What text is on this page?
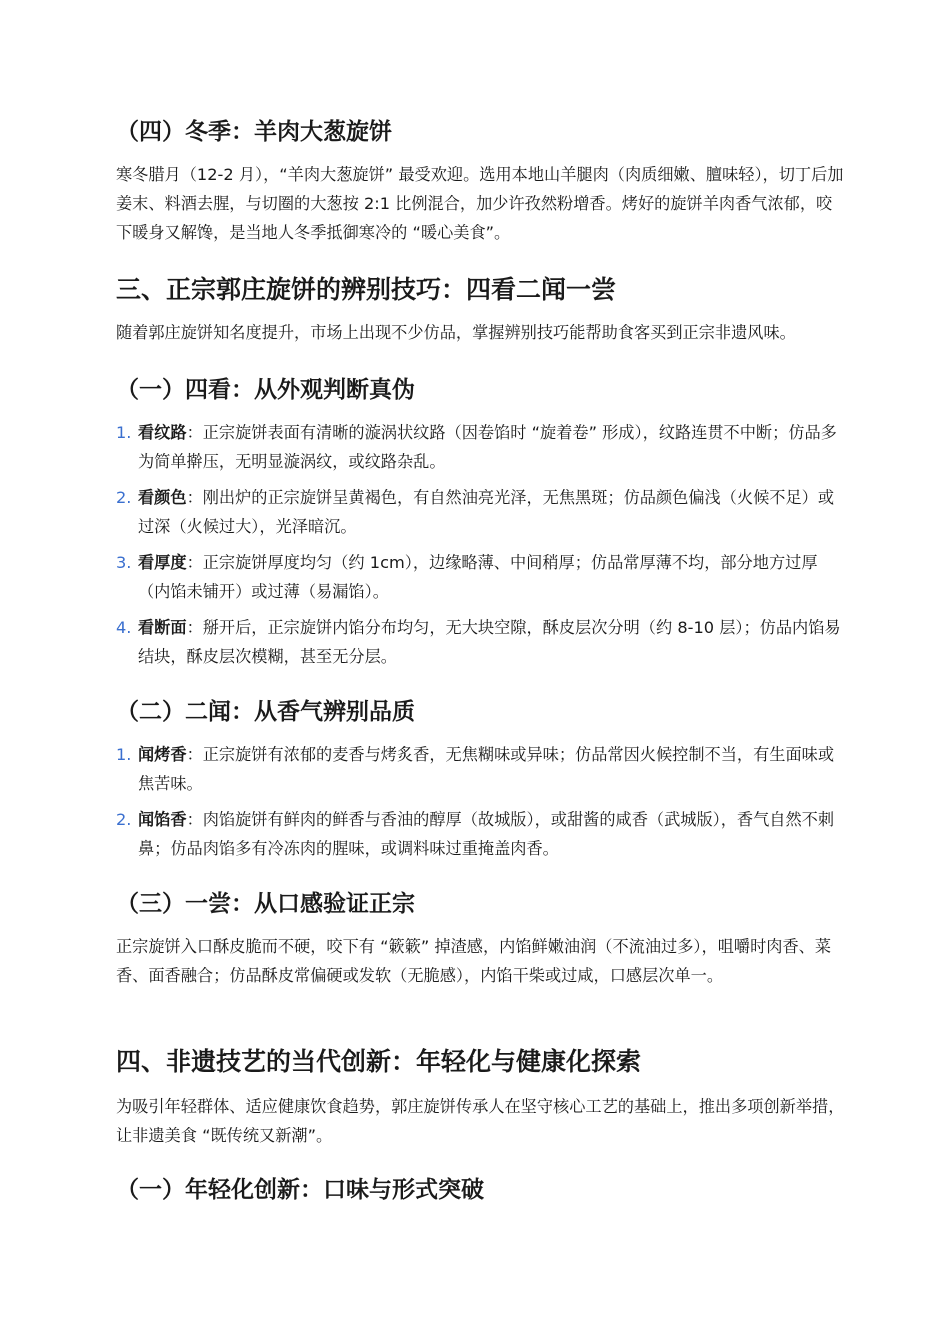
（四）冬季：羊肉大葱旋饼
寒冬腊月（12-2 月），“羊肉大葱旋饼” 最受欢迎。选用本地山羊腿肉（肉质细嫩、膻味轻），切丁后加姜末、料酒去腥，与切圈的大葱按 2:1 比例混合，加少许孜然粉增香。烤好的旋饼羊肉香气浓郁，咬下暖身又解馋，是当地人冬季抵御寒冷的 “暖心美食”。
三、正宗郭庄旋饼的辨别技巧：四看二闻一尝
随着郭庄旋饼知名度提升，市场上出现不少仿品，掌握辨别技巧能帮助食客买到正宗非遗风味。
（一）四看：从外观判断真伪
1. 看纹路：正宗旋饼表面有清晰的漩涡状纹路（因卷馅时 “旋着卷” 形成），纹路连贯不中断；仿品多为简单擀压，无明显漩涡纹，或纹路杂乱。
2. 看颜色：刚出炉的正宗旋饼呈黄褐色，有自然油亮光泽，无焦黑斑；仿品颜色偏浅（火候不足）或过深（火候过大），光泽暗沉。
3. 看厚度：正宗旋饼厚度均匀（约 1cm），边缘略薄、中间稍厚；仿品常厚薄不均，部分地方过厚（内馅未铺开）或过薄（易漏馅）。
4. 看断面：掰开后，正宗旋饼内馅分布均匀，无大块空隙，酥皮层次分明（约 8-10 层）；仿品内馅易结块，酥皮层次模糊，甚至无分层。
（二）二闻：从香气辨别品质
1. 闻烤香：正宗旋饼有浓郁的麦香与烤炙香，无焦糊味或异味；仿品常因火候控制不当，有生面味或焦苦味。
2. 闻馅香：肉馅旋饼有鲜肉的鲜香与香油的醇厚（故城版），或甜酱的咸香（武城版），香气自然不刺鼻；仿品肉馅多有冷冻肉的腥味，或调料味过重掩盖肉香。
（三）一尝：从口感验证正宗
正宗旋饼入口酥皮脆而不硬，咬下有 “簌簌” 掉渣感，内馅鲜嫩油润（不流油过多），咀嚼时肉香、菜香、面香融合；仿品酥皮常偏硬或发软（无脆感），内馅干柴或过咸，口感层次单一。
四、非遗技艺的当代创新：年轻化与健康化探索
为吸引年轻群体、适应健康饮食趋势，郭庄旋饼传承人在坚守核心工艺的基础上，推出多项创新举措，让非遗美食 “既传统又新潮”。
（一）年轻化创新：口味与形式突破
